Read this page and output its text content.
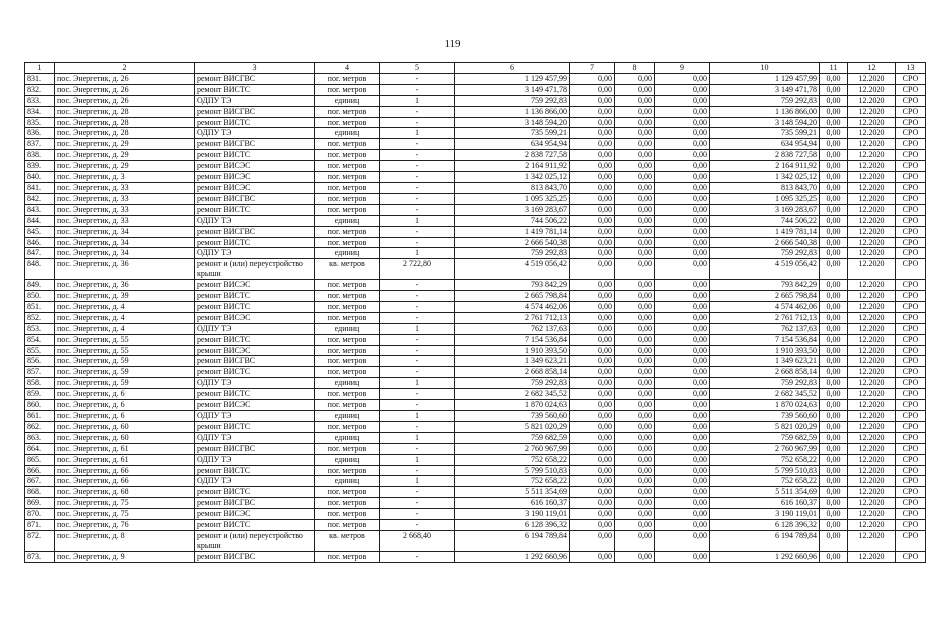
119
1	2	3	4	5	6	7	8	9	10	11	12	13
831.	пос. Энергетик, д. 26	ремонт ВИСГВС	пог. метров	-	1 129 457,99	0,00	0,00	0,00	1 129 457,99	0,00	12.2020	СРО
832.	пос. Энергетик, д. 26	ремонт ВИСТС	пог. метров	-	3 149 471,78	0,00	0,00	0,00	3 149 471,78	0,00	12.2020	СРО
833.	пос. Энергетик, д. 26	ОДПУ ТЭ	единиц	1	759 292,83	0,00	0,00	0,00	759 292,83	0,00	12.2020	СРО
834.	пос. Энергетик, д. 28	ремонт ВИСГВС	пог. метров	-	1 136 866,00	0,00	0,00	0,00	1 136 866,00	0,00	12.2020	СРО
835.	пос. Энергетик, д. 28	ремонт ВИСТС	пог. метров	-	3 148 594,20	0,00	0,00	0,00	3 148 594,20	0,00	12.2020	СРО
836.	пос. Энергетик, д. 28	ОДПУ ТЭ	единиц	1	735 599,21	0,00	0,00	0,00	735 599,21	0,00	12.2020	СРО
837.	пос. Энергетик, д. 29	ремонт ВИСГВС	пог. метров	-	634 954,94	0,00	0,00	0,00	634 954,94	0,00	12.2020	СРО
838.	пос. Энергетик, д. 29	ремонт ВИСТС	пог. метров	-	2 838 727,58	0,00	0,00	0,00	2 838 727,58	0,00	12.2020	СРО
839.	пос. Энергетик, д. 29	ремонт ВИСЭС	пог. метров	-	2 164 911,92	0,00	0,00	0,00	2 164 911,92	0,00	12.2020	СРО
840.	пос. Энергетик, д. 3	ремонт ВИСЭС	пог. метров	-	1 342 025,12	0,00	0,00	0,00	1 342 025,12	0,00	12.2020	СРО
841.	пос. Энергетик, д. 33	ремонт ВИСЭС	пог. метров	-	813 843,70	0,00	0,00	0,00	813 843,70	0,00	12.2020	СРО
842.	пос. Энергетик, д. 33	ремонт ВИСГВС	пог. метров	-	1 095 325,25	0,00	0,00	0,00	1 095 325,25	0,00	12.2020	СРО
843.	пос. Энергетик, д. 33	ремонт ВИСТС	пог. метров	-	3 169 283,67	0,00	0,00	0,00	3 169 283,67	0,00	12.2020	СРО
844.	пос. Энергетик, д. 33	ОДПУ ТЭ	единиц	1	744 506,22	0,00	0,00	0,00	744 506,22	0,00	12.2020	СРО
845.	пос. Энергетик, д. 34	ремонт ВИСГВС	пог. метров	-	1 419 781,14	0,00	0,00	0,00	1 419 781,14	0,00	12.2020	СРО
846.	пос. Энергетик, д. 34	ремонт ВИСТС	пог. метров	-	2 666 540,38	0,00	0,00	0,00	2 666 540,38	0,00	12.2020	СРО
847.	пос. Энергетик, д. 34	ОДПУ ТЭ	единиц	1	759 292,83	0,00	0,00	0,00	759 292,83	0,00	12.2020	СРО
848.	пос. Энергетик, д. 36	ремонт и (или) переустройство крыши	кв. метров	2 722,80	4 519 056,42	0,00	0,00	0,00	4 519 056,42	0,00	12.2020	СРО
849.	пос. Энергетик, д. 36	ремонт ВИСЭС	пог. метров	-	793 842,29	0,00	0,00	0,00	793 842,29	0,00	12.2020	СРО
850.	пос. Энергетик, д. 39	ремонт ВИСТС	пог. метров	-	2 665 798,84	0,00	0,00	0,00	2 665 798,84	0,00	12.2020	СРО
851.	пос. Энергетик, д. 4	ремонт ВИСТС	пог. метров	-	4 574 462,06	0,00	0,00	0,00	4 574 462,06	0,00	12.2020	СРО
852.	пос. Энергетик, д. 4	ремонт ВИСЭС	пог. метров	-	2 761 712,13	0,00	0,00	0,00	2 761 712,13	0,00	12.2020	СРО
853.	пос. Энергетик, д. 4	ОДПУ ТЭ	единиц	1	762 137,63	0,00	0,00	0,00	762 137,63	0,00	12.2020	СРО
854.	пос. Энергетик, д. 55	ремонт ВИСТС	пог. метров	-	7 154 536,84	0,00	0,00	0,00	7 154 536,84	0,00	12.2020	СРО
855.	пос. Энергетик, д. 55	ремонт ВИСЭС	пог. метров	-	1 910 393,50	0,00	0,00	0,00	1 910 393,50	0,00	12.2020	СРО
856.	пос. Энергетик, д. 59	ремонт ВИСГВС	пог. метров	-	1 349 623,21	0,00	0,00	0,00	1 349 623,21	0,00	12.2020	СРО
857.	пос. Энергетик, д. 59	ремонт ВИСТС	пог. метров	-	2 668 858,14	0,00	0,00	0,00	2 668 858,14	0,00	12.2020	СРО
858.	пос. Энергетик, д. 59	ОДПУ ТЭ	единиц	1	759 292,83	0,00	0,00	0,00	759 292,83	0,00	12.2020	СРО
859.	пос. Энергетик, д. 6	ремонт ВИСТС	пог. метров	-	2 682 345,52	0,00	0,00	0,00	2 682 345,52	0,00	12.2020	СРО
860.	пос. Энергетик, д. 6	ремонт ВИСЭС	пог. метров	-	1 870 024,63	0,00	0,00	0,00	1 870 024,63	0,00	12.2020	СРО
861.	пос. Энергетик, д. 6	ОДПУ ТЭ	единиц	1	739 560,60	0,00	0,00	0,00	739 560,60	0,00	12.2020	СРО
862.	пос. Энергетик, д. 60	ремонт ВИСТС	пог. метров	-	5 821 020,29	0,00	0,00	0,00	5 821 020,29	0,00	12.2020	СРО
863.	пос. Энергетик, д. 60	ОДПУ ТЭ	единиц	1	759 682,59	0,00	0,00	0,00	759 682,59	0,00	12.2020	СРО
864.	пос. Энергетик, д. 61	ремонт ВИСГВС	пог. метров	-	2 760 967,99	0,00	0,00	0,00	2 760 967,99	0,00	12.2020	СРО
865.	пос. Энергетик, д. 61	ОДПУ ТЭ	единиц	1	752 658,22	0,00	0,00	0,00	752 658,22	0,00	12.2020	СРО
866.	пос. Энергетик, д. 66	ремонт ВИСТС	пог. метров	-	5 799 510,83	0,00	0,00	0,00	5 799 510,83	0,00	12.2020	СРО
867.	пос. Энергетик, д. 66	ОДПУ ТЭ	единиц	1	752 658,22	0,00	0,00	0,00	752 658,22	0,00	12.2020	СРО
868.	пос. Энергетик, д. 68	ремонт ВИСТС	пог. метров	-	5 511 354,69	0,00	0,00	0,00	5 511 354,69	0,00	12.2020	СРО
869.	пос. Энергетик, д. 75	ремонт ВИСГВС	пог. метров	-	616 160,37	0,00	0,00	0,00	616 160,37	0,00	12.2020	СРО
870.	пос. Энергетик, д. 75	ремонт ВИСЭС	пог. метров	-	3 190 119,01	0,00	0,00	0,00	3 190 119,01	0,00	12.2020	СРО
871.	пос. Энергетик, д. 76	ремонт ВИСТС	пог. метров	-	6 128 396,32	0,00	0,00	0,00	6 128 396,32	0,00	12.2020	СРО
872.	пос. Энергетик, д. 8	ремонт и (или) переустройство крыши	кв. метров	2 668,40	6 194 789,84	0,00	0,00	0,00	6 194 789,84	0,00	12.2020	СРО
873.	пос. Энергетик, д. 9	ремонт ВИСГВС	пог. метров	-	1 292 660,96	0,00	0,00	0,00	1 292 660,96	0,00	12.2020	СРО
